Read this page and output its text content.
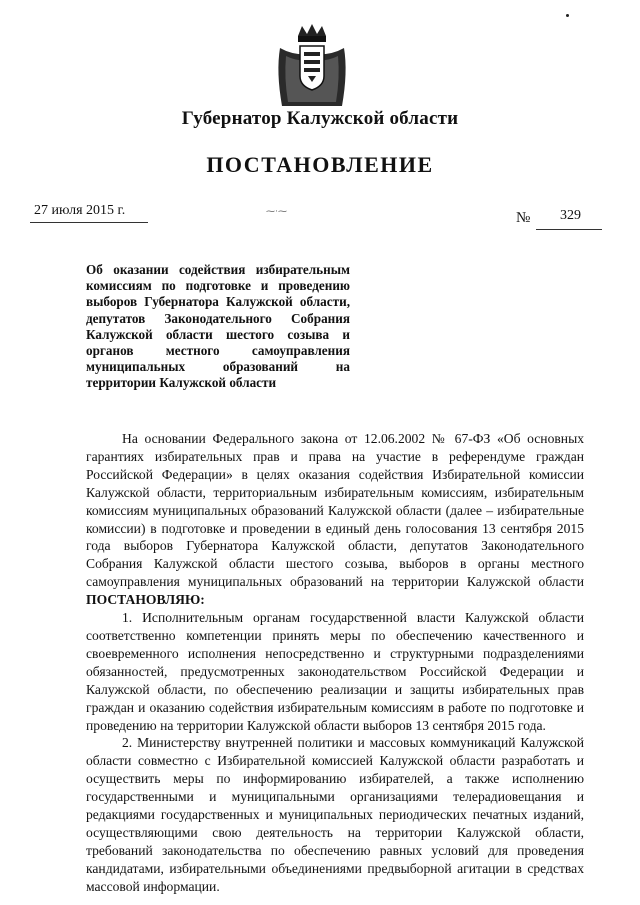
Губернатор Калужской области
ПОСТАНОВЛЕНИЕ
27 июля 2015 г.	⁓·⁓	№ 329
Об оказании содействия избирательным комиссиям по подготовке и проведению выборов Губернатора Калужской области, депутатов Законодательного Собрания Калужской области шестого созыва и органов местного самоуправления муниципальных образований на территории Калужской области

На основании Федерального закона от 12.06.2002 № 67-ФЗ «Об основных гарантиях избирательных прав и права на участие в референдуме граждан Российской Федерации» в целях оказания содействия Избирательной комиссии Калужской области, территориальным избирательным комиссиям, избирательным комиссиям муниципальных образований Калужской области (далее – избирательные комиссии) в подготовке и проведении в единый день голосования 13 сентября 2015 года выборов Губернатора Калужской области, депутатов Законодательного Собрания Калужской области шестого созыва, выборов в органы местного самоуправления муниципальных образований на территории Калужской области ПОСТАНОВЛЯЮ:

1. Исполнительным органам государственной власти Калужской области соответственно компетенции принять меры по обеспечению качественного и своевременного исполнения непосредственно и структурными подразделениями обязанностей, предусмотренных законодательством Российской Федерации и Калужской области, по обеспечению реализации и защиты избирательных прав граждан и оказанию содействия избирательным комиссиям в работе по подготовке и проведению на территории Калужской области выборов 13 сентября 2015 года.

2. Министерству внутренней политики и массовых коммуникаций Калужской области совместно с Избирательной комиссией Калужской области разработать и осуществить меры по информированию избирателей, а также исполнению государственными и муниципальными организациями телерадиовещания и редакциями государственных и муниципальных периодических печатных изданий, осуществляющими свою деятельность на территории Калужской области, требований законодательства по обеспечению равных условий для проведения кандидатами, избирательными объединениями предвыборной агитации в средствах массовой информации.
